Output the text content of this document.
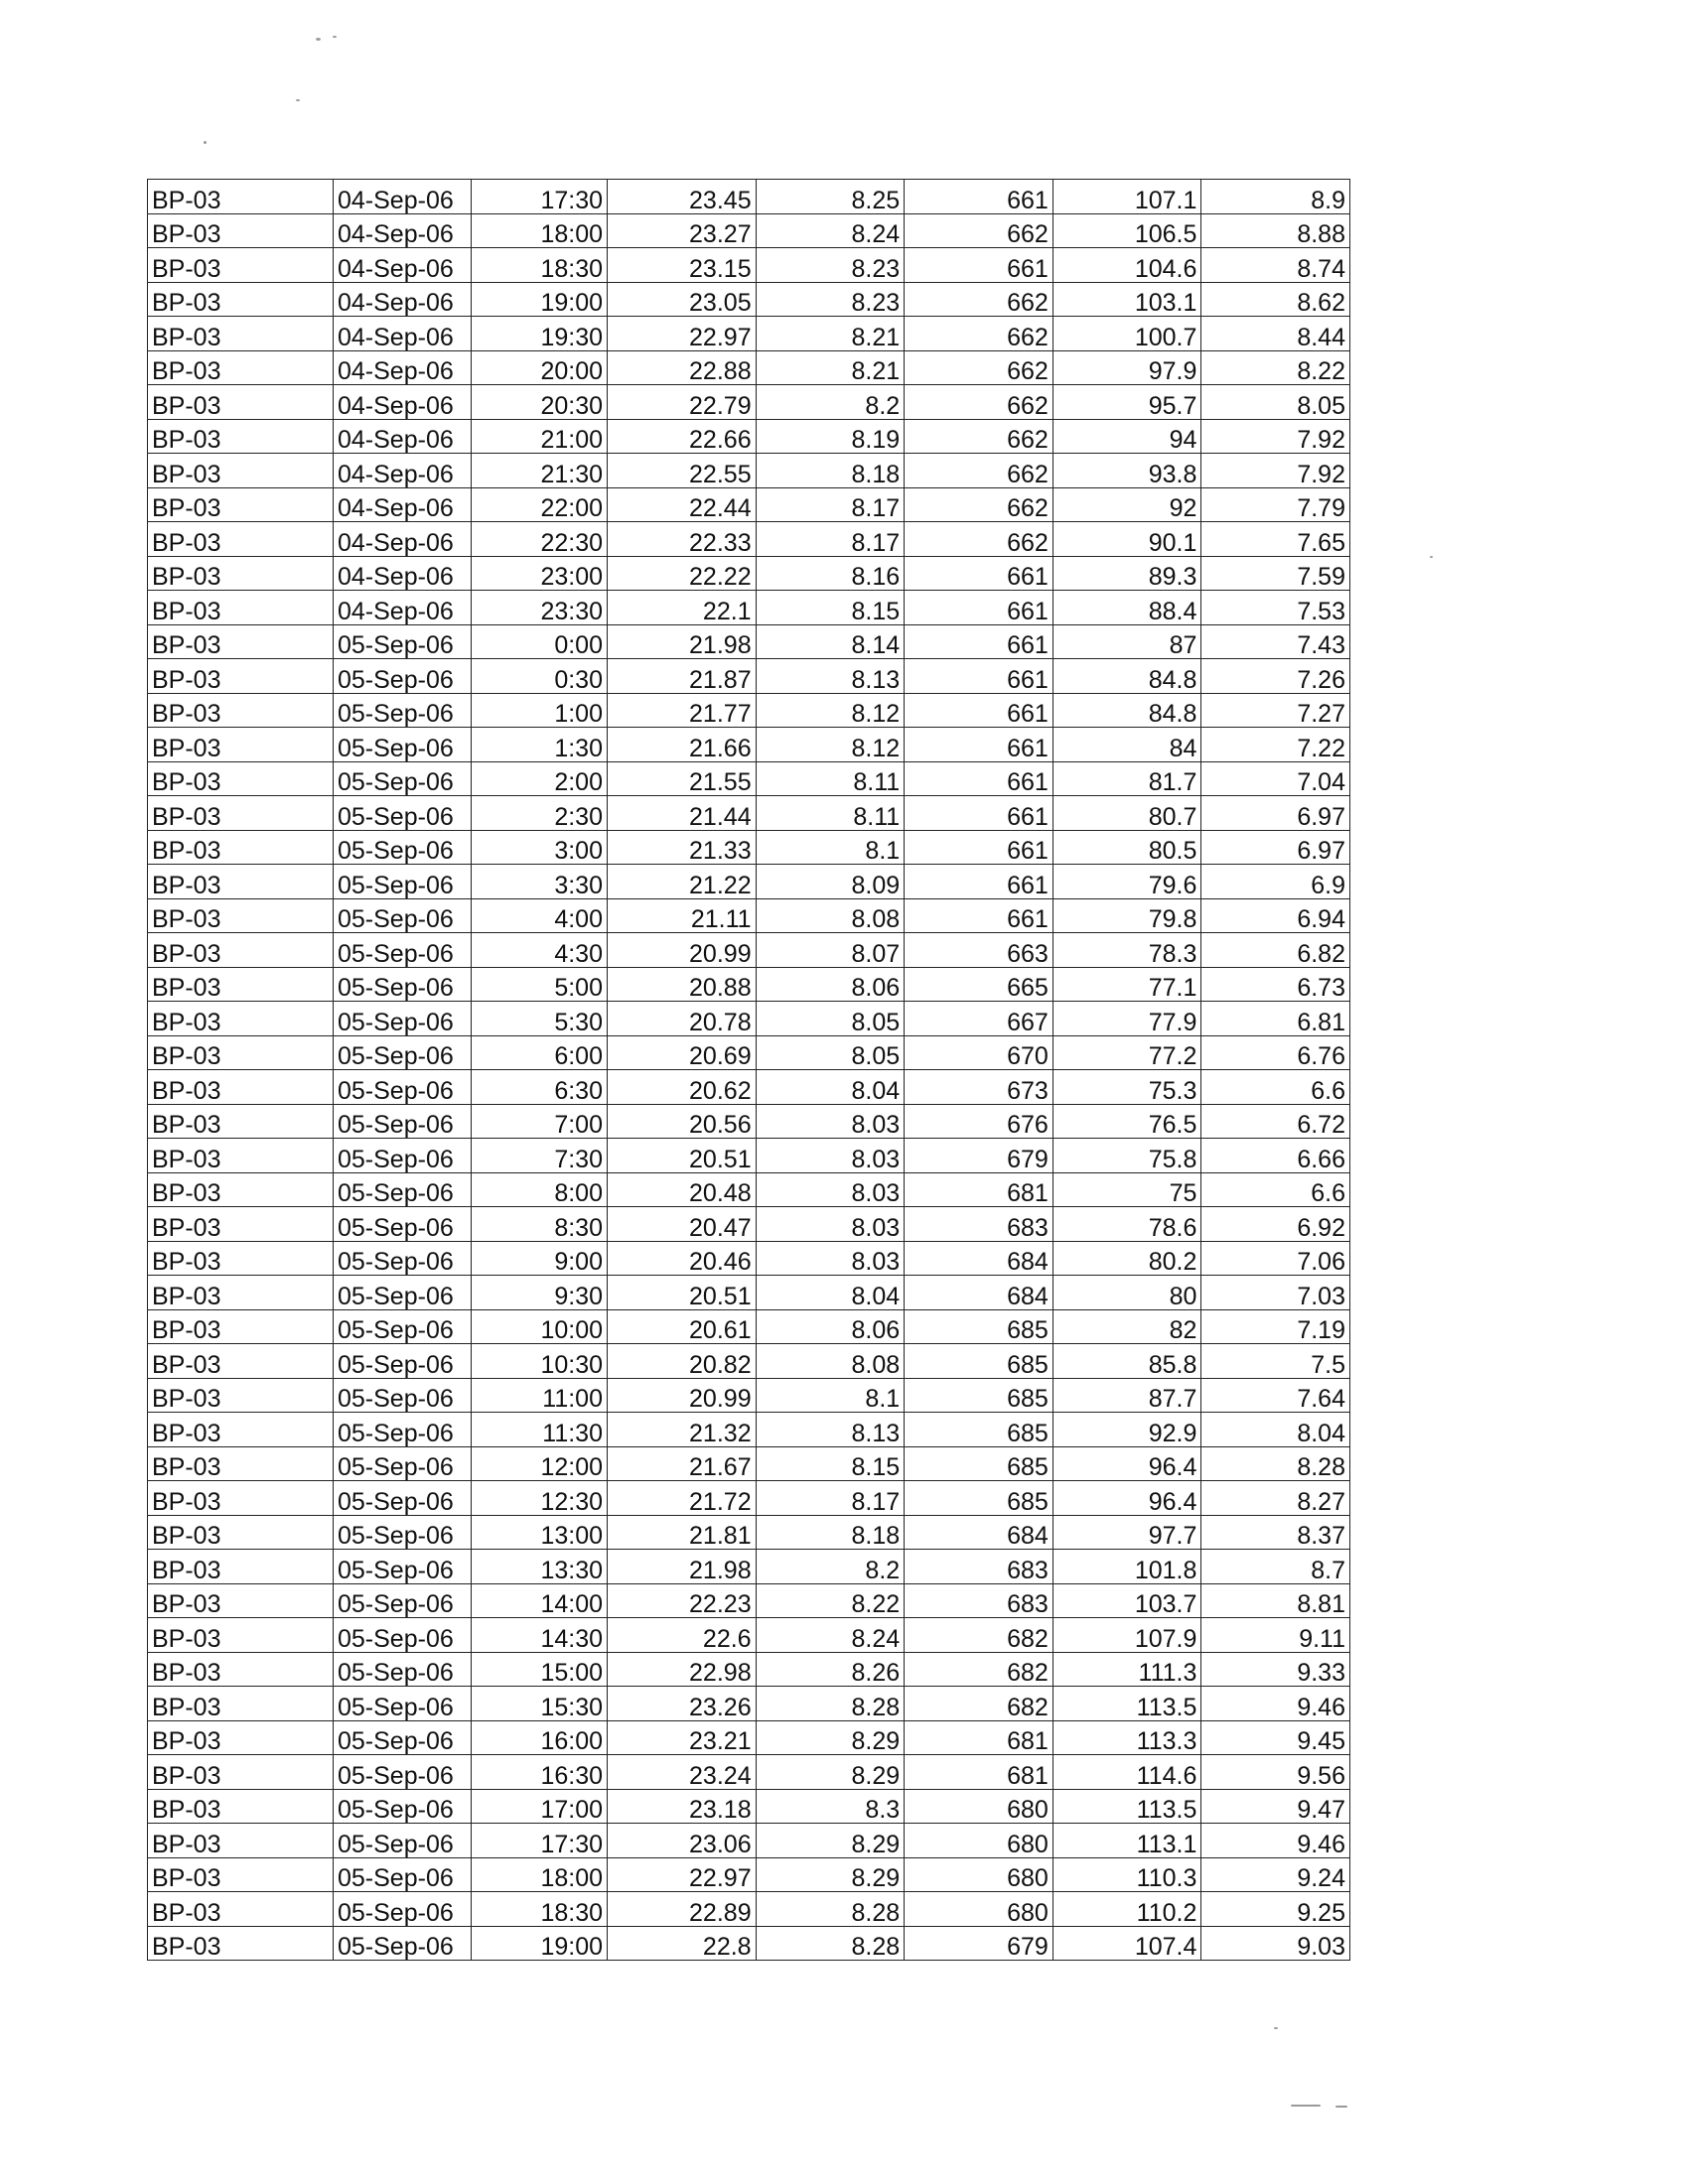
BP-03	04-Sep-06	17:30	23.45	8.25	661	107.1	8.9
BP-03	04-Sep-06	18:00	23.27	8.24	662	106.5	8.88
BP-03	04-Sep-06	18:30	23.15	8.23	661	104.6	8.74
BP-03	04-Sep-06	19:00	23.05	8.23	662	103.1	8.62
BP-03	04-Sep-06	19:30	22.97	8.21	662	100.7	8.44
BP-03	04-Sep-06	20:00	22.88	8.21	662	97.9	8.22
BP-03	04-Sep-06	20:30	22.79	8.2	662	95.7	8.05
BP-03	04-Sep-06	21:00	22.66	8.19	662	94	7.92
BP-03	04-Sep-06	21:30	22.55	8.18	662	93.8	7.92
BP-03	04-Sep-06	22:00	22.44	8.17	662	92	7.79
BP-03	04-Sep-06	22:30	22.33	8.17	662	90.1	7.65
BP-03	04-Sep-06	23:00	22.22	8.16	661	89.3	7.59
BP-03	04-Sep-06	23:30	22.1	8.15	661	88.4	7.53
BP-03	05-Sep-06	0:00	21.98	8.14	661	87	7.43
BP-03	05-Sep-06	0:30	21.87	8.13	661	84.8	7.26
BP-03	05-Sep-06	1:00	21.77	8.12	661	84.8	7.27
BP-03	05-Sep-06	1:30	21.66	8.12	661	84	7.22
BP-03	05-Sep-06	2:00	21.55	8.11	661	81.7	7.04
BP-03	05-Sep-06	2:30	21.44	8.11	661	80.7	6.97
BP-03	05-Sep-06	3:00	21.33	8.1	661	80.5	6.97
BP-03	05-Sep-06	3:30	21.22	8.09	661	79.6	6.9
BP-03	05-Sep-06	4:00	21.11	8.08	661	79.8	6.94
BP-03	05-Sep-06	4:30	20.99	8.07	663	78.3	6.82
BP-03	05-Sep-06	5:00	20.88	8.06	665	77.1	6.73
BP-03	05-Sep-06	5:30	20.78	8.05	667	77.9	6.81
BP-03	05-Sep-06	6:00	20.69	8.05	670	77.2	6.76
BP-03	05-Sep-06	6:30	20.62	8.04	673	75.3	6.6
BP-03	05-Sep-06	7:00	20.56	8.03	676	76.5	6.72
BP-03	05-Sep-06	7:30	20.51	8.03	679	75.8	6.66
BP-03	05-Sep-06	8:00	20.48	8.03	681	75	6.6
BP-03	05-Sep-06	8:30	20.47	8.03	683	78.6	6.92
BP-03	05-Sep-06	9:00	20.46	8.03	684	80.2	7.06
BP-03	05-Sep-06	9:30	20.51	8.04	684	80	7.03
BP-03	05-Sep-06	10:00	20.61	8.06	685	82	7.19
BP-03	05-Sep-06	10:30	20.82	8.08	685	85.8	7.5
BP-03	05-Sep-06	11:00	20.99	8.1	685	87.7	7.64
BP-03	05-Sep-06	11:30	21.32	8.13	685	92.9	8.04
BP-03	05-Sep-06	12:00	21.67	8.15	685	96.4	8.28
BP-03	05-Sep-06	12:30	21.72	8.17	685	96.4	8.27
BP-03	05-Sep-06	13:00	21.81	8.18	684	97.7	8.37
BP-03	05-Sep-06	13:30	21.98	8.2	683	101.8	8.7
BP-03	05-Sep-06	14:00	22.23	8.22	683	103.7	8.81
BP-03	05-Sep-06	14:30	22.6	8.24	682	107.9	9.11
BP-03	05-Sep-06	15:00	22.98	8.26	682	111.3	9.33
BP-03	05-Sep-06	15:30	23.26	8.28	682	113.5	9.46
BP-03	05-Sep-06	16:00	23.21	8.29	681	113.3	9.45
BP-03	05-Sep-06	16:30	23.24	8.29	681	114.6	9.56
BP-03	05-Sep-06	17:00	23.18	8.3	680	113.5	9.47
BP-03	05-Sep-06	17:30	23.06	8.29	680	113.1	9.46
BP-03	05-Sep-06	18:00	22.97	8.29	680	110.3	9.24
BP-03	05-Sep-06	18:30	22.89	8.28	680	110.2	9.25
BP-03	05-Sep-06	19:00	22.8	8.28	679	107.4	9.03
